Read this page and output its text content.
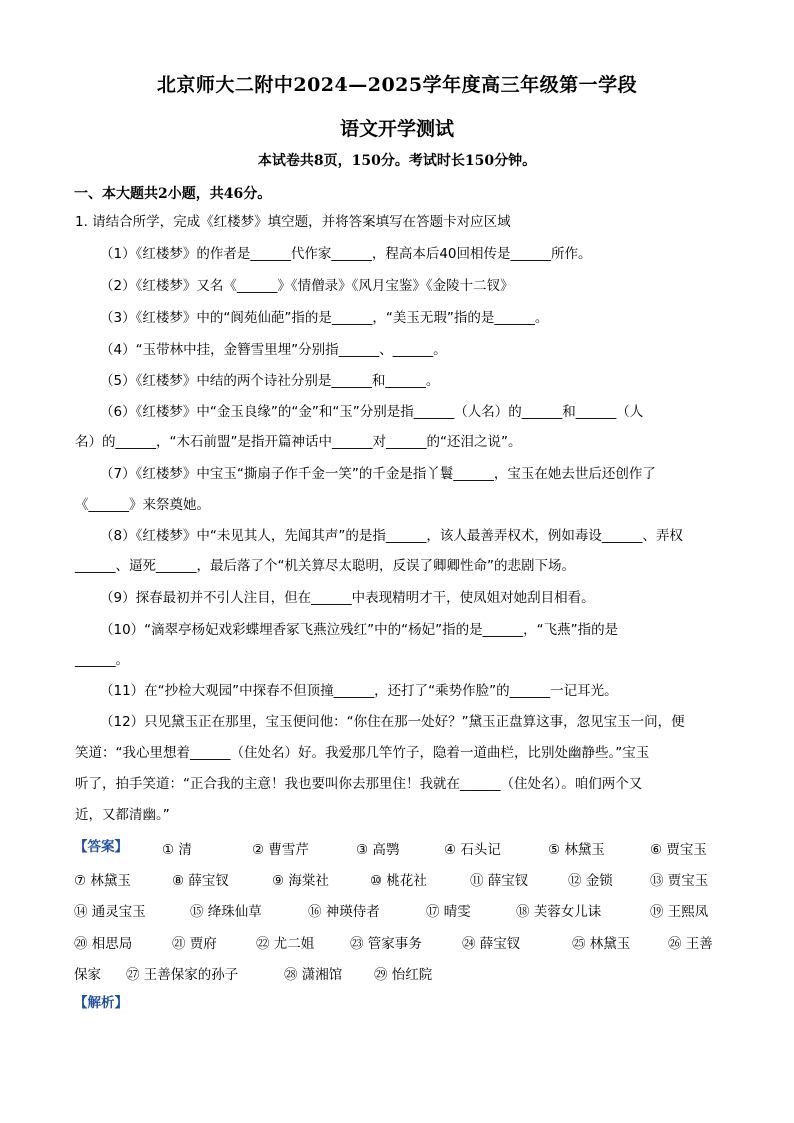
北京师大二附中2024—2025学年度高三年级第一学段
语文开学测试
本试卷共8页，150分。考试时长150分钟。
一、本大题共2小题，共46分。
1. 请结合所学，完成《红楼梦》填空题，并将答案填写在答题卡对应区域
（1）《红楼梦》的作者是______代作家______，程高本后40回相传是______所作。
（2）《红楼梦》又名《______》《情僧录》《风月宝鉴》《金陵十二钗》
（3）《红楼梦》中的“阆苑仙葩”指的是______，“美玉无瑕”指的是______。
（4）“玉带林中挂，金簪雪里埋”分别指______、______。
（5）《红楼梦》中结的两个诗社分别是______和______。
（6）《红楼梦》中“金玉良缘”的“金”和“玉”分别是指______（人名）的______和______（人
名）的______，“木石前盟”是指开篇神话中______对______的“还泪之说”。
（7）《红楼梦》中宝玉“撕扇子作千金一笑”的千金是指丫鬟______，宝玉在她去世后还创作了
《______》来祭奠她。
（8）《红楼梦》中“未见其人，先闻其声”的是指______，该人最善弄权术，例如毒设______、弄权
______、逼死______，最后落了个“机关算尽太聪明，反误了卿卿性命”的悲剧下场。
（9）探春最初并不引人注目，但在______中表现精明才干，使凤姐对她刮目相看。
（10）“滴翠亭杨妃戏彩蝶埋香冢飞燕泣残红”中的“杨妃”指的是______，“飞燕”指的是
______。
（11）在“抄检大观园”中探春不但顶撞______，还打了“乘势作脸”的______一记耳光。
（12）只见黛玉正在那里，宝玉便问他：“你住在那一处好？”黛玉正盘算这事，忽见宝玉一问，便
笑道：“我心里想着______（住处名）好。我爱那几竿竹子，隐着一道曲栏，比别处幽静些。”宝玉
听了，拍手笑道：“正合我的主意！我也要叫你去那里住！我就在______（住处名）。咱们两个又
近，又都清幽。”
【答案】	① 清	② 曹雪芹	③ 高鹗	④ 石头记	⑤ 林黛玉	⑥ 贾宝玉
⑦ 林黛玉	⑧ 薛宝钗	⑨ 海棠社	⑩ 桃花社	⑪ 薛宝钗	⑫ 金锁	⑬ 贾宝玉
⑭ 通灵宝玉	⑮ 绛珠仙草	⑯ 神瑛侍者	⑰ 晴雯	⑱ 芙蓉女儿诔	⑲ 王熙凤
⑳ 相思局	㉑ 贾府	㉒ 尤二姐	㉓ 管家事务	㉔ 薛宝钗	㉕ 林黛玉	㉖ 王善
保家 ㉗ 王善保家的孙子	㉘ 潇湘馆 ㉙ 怡红院
【解析】
